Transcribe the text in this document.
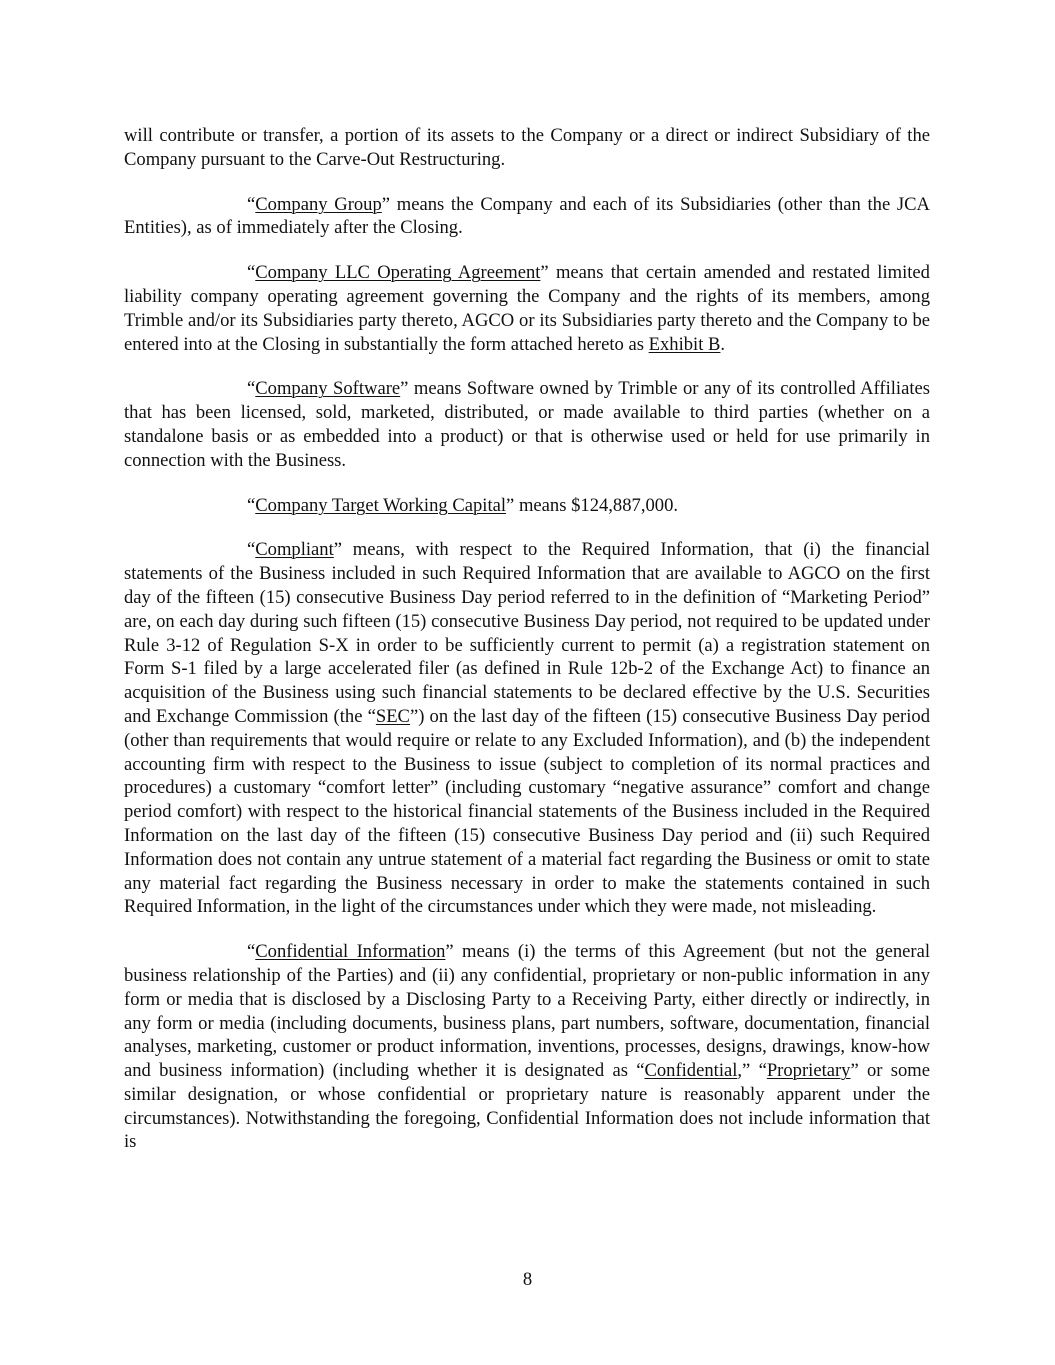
will contribute or transfer, a portion of its assets to the Company or a direct or indirect Subsidiary of the Company pursuant to the Carve-Out Restructuring.

“Company Group” means the Company and each of its Subsidiaries (other than the JCA Entities), as of immediately after the Closing.

“Company LLC Operating Agreement” means that certain amended and restated limited liability company operating agreement governing the Company and the rights of its members, among Trimble and/or its Subsidiaries party thereto, AGCO or its Subsidiaries party thereto and the Company to be entered into at the Closing in substantially the form attached hereto as Exhibit B.

“Company Software” means Software owned by Trimble or any of its controlled Affiliates that has been licensed, sold, marketed, distributed, or made available to third parties (whether on a standalone basis or as embedded into a product) or that is otherwise used or held for use primarily in connection with the Business.

“Company Target Working Capital” means $124,887,000.

“Compliant” means, with respect to the Required Information, that (i) the financial statements of the Business included in such Required Information that are available to AGCO on the first day of the fifteen (15) consecutive Business Day period referred to in the definition of “Marketing Period” are, on each day during such fifteen (15) consecutive Business Day period, not required to be updated under Rule 3-12 of Regulation S-X in order to be sufficiently current to permit (a) a registration statement on Form S-1 filed by a large accelerated filer (as defined in Rule 12b-2 of the Exchange Act) to finance an acquisition of the Business using such financial statements to be declared effective by the U.S. Securities and Exchange Commission (the “SEC”) on the last day of the fifteen (15) consecutive Business Day period (other than requirements that would require or relate to any Excluded Information), and (b) the independent accounting firm with respect to the Business to issue (subject to completion of its normal practices and procedures) a customary “comfort letter” (including customary “negative assurance” comfort and change period comfort) with respect to the historical financial statements of the Business included in the Required Information on the last day of the fifteen (15) consecutive Business Day period and (ii) such Required Information does not contain any untrue statement of a material fact regarding the Business or omit to state any material fact regarding the Business necessary in order to make the statements contained in such Required Information, in the light of the circumstances under which they were made, not misleading.

“Confidential Information” means (i) the terms of this Agreement (but not the general business relationship of the Parties) and (ii) any confidential, proprietary or non-public information in any form or media that is disclosed by a Disclosing Party to a Receiving Party, either directly or indirectly, in any form or media (including documents, business plans, part numbers, software, documentation, financial analyses, marketing, customer or product information, inventions, processes, designs, drawings, know-how and business information) (including whether it is designated as “Confidential,” “Proprietary” or some similar designation, or whose confidential or proprietary nature is reasonably apparent under the circumstances). Notwithstanding the foregoing, Confidential Information does not include information that is

8
